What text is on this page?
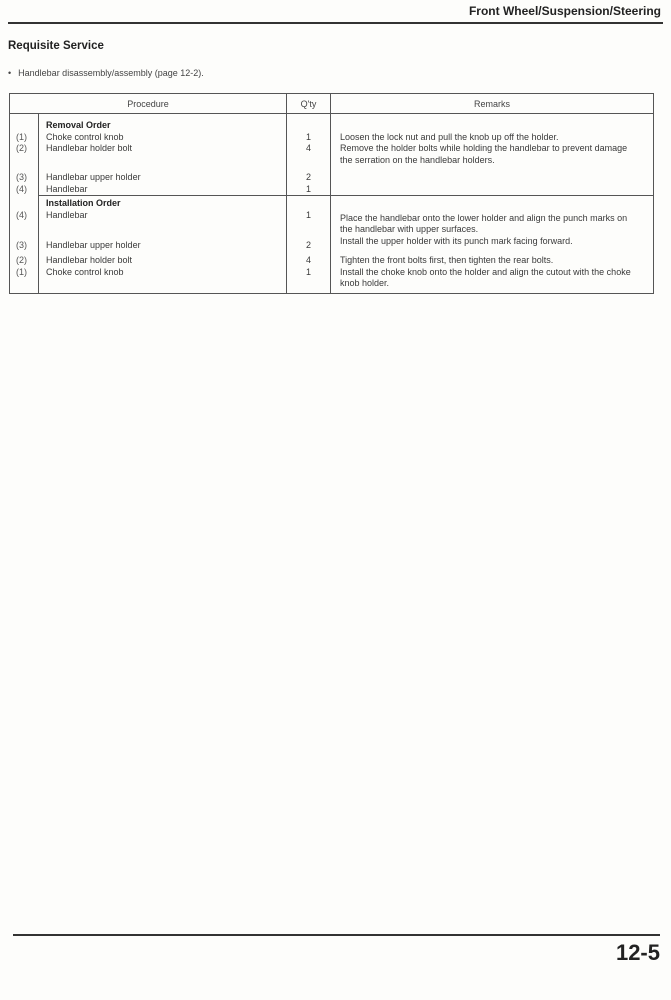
Front Wheel/Suspension/Steering
Requisite Service
• Handlebar disassembly/assembly (page 12-2).
Procedure		Q'ty	Remarks
	Removal Order		
(1)	Choke control knob	1	Loosen the lock nut and pull the knob up off the holder.
(2)	Handlebar holder bolt	4	Remove the holder bolts while holding the handlebar to prevent damage the serration on the handlebar holders.
(3)	Handlebar upper holder	2	
(4)	Handlebar	1	
	Installation Order		
(4)	Handlebar	1	Place the handlebar onto the lower holder and align the punch marks on the handlebar with upper surfaces.
(3)	Handlebar upper holder	2	Install the upper holder with its punch mark facing forward.
(2)	Handlebar holder bolt	4	Tighten the front bolts first, then tighten the rear bolts.
(1)	Choke control knob	1	Install the choke knob onto the holder and align the cutout with the choke knob holder.
12-5
